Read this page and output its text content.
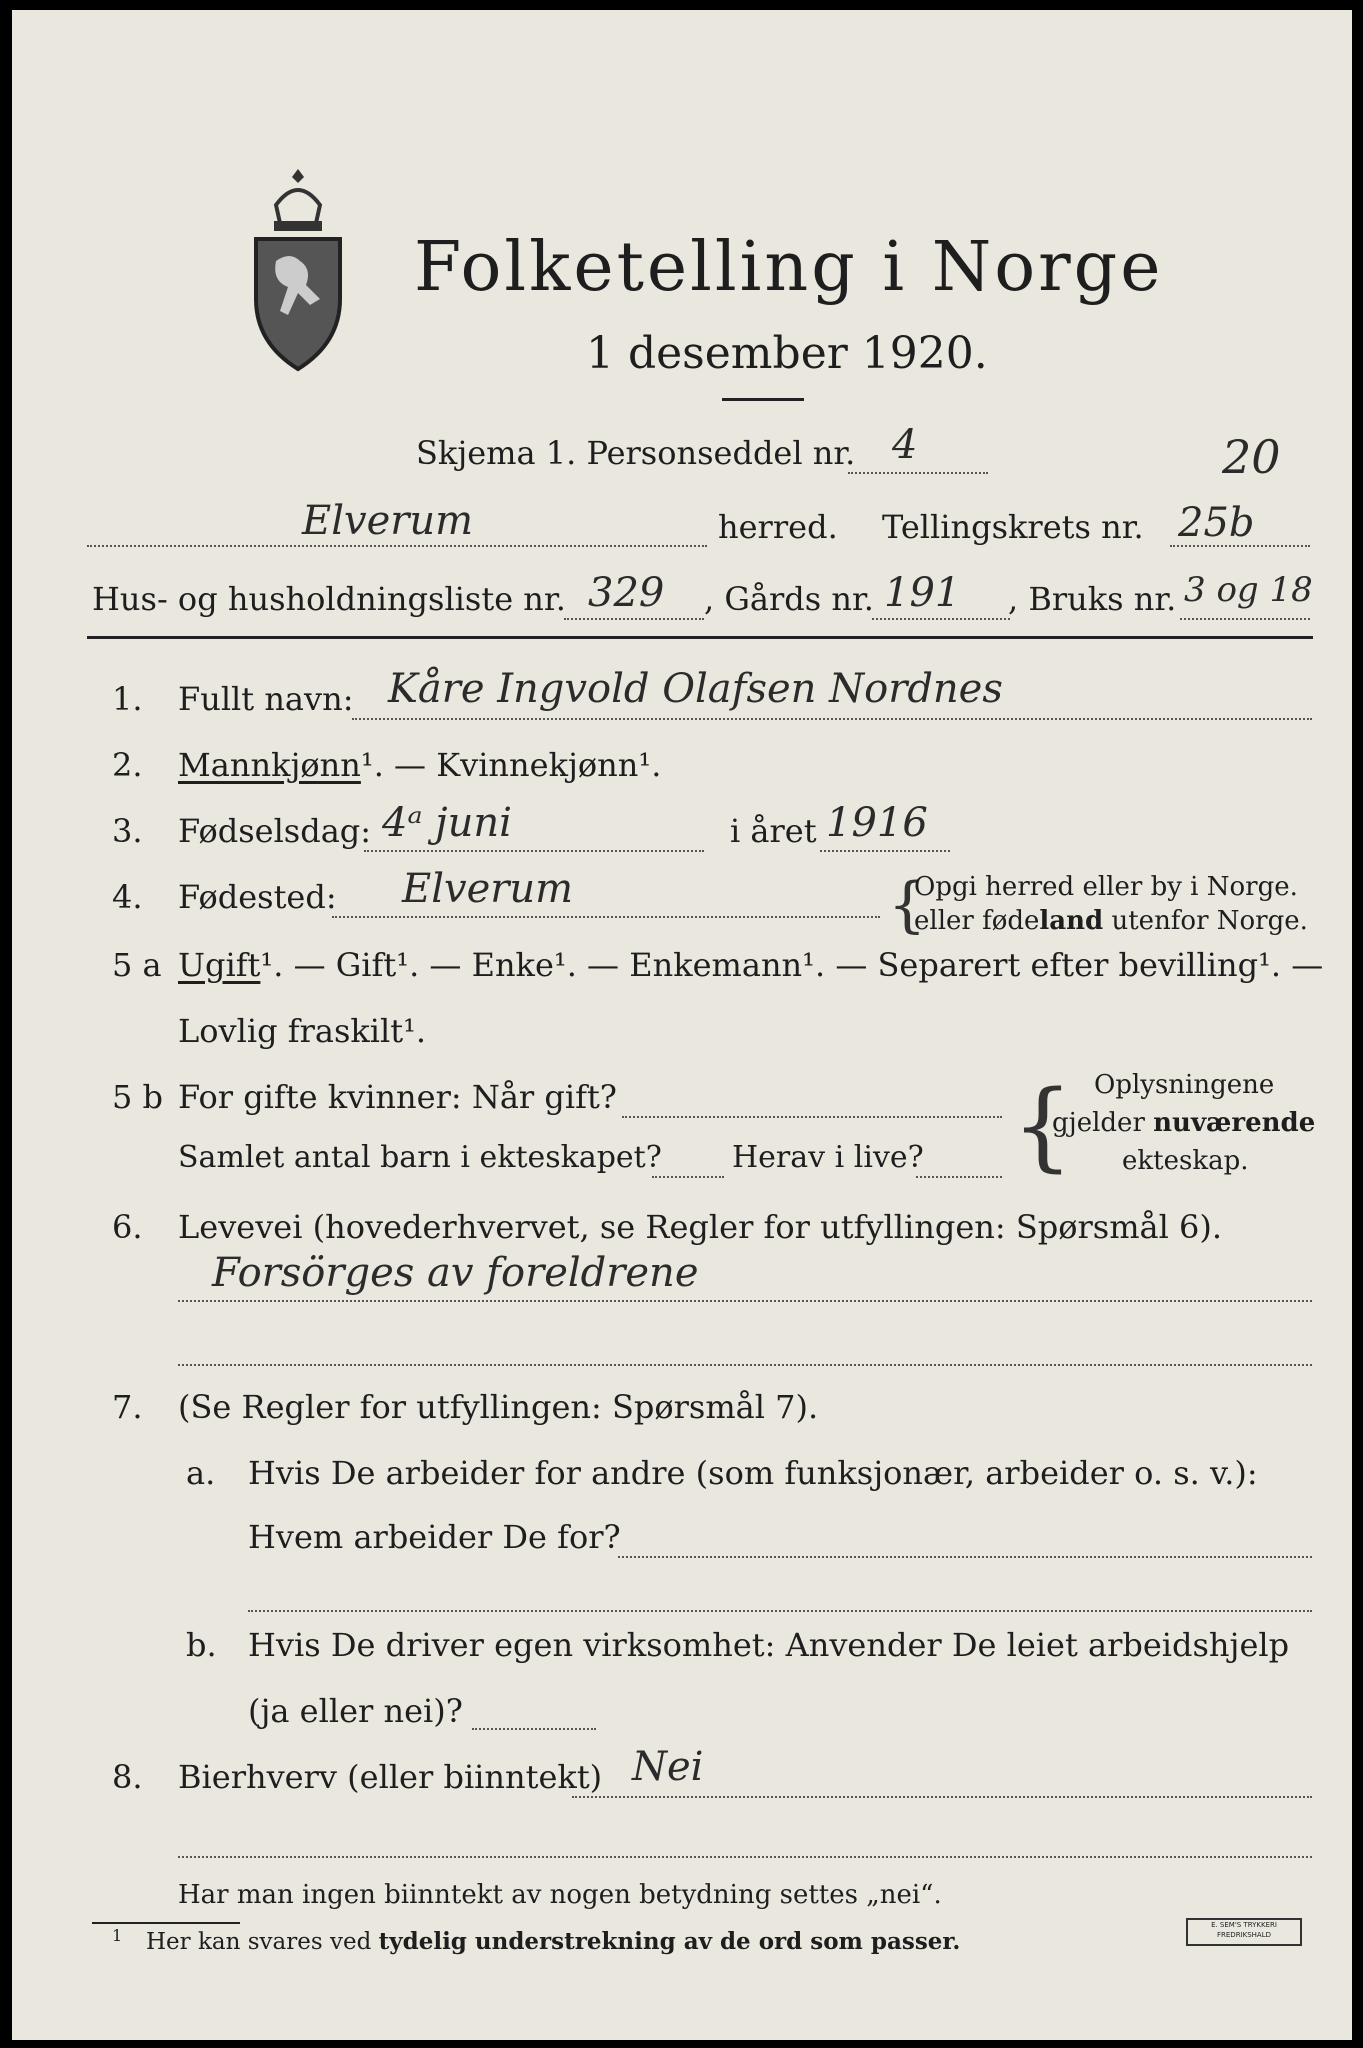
Folketelling i Norge
1 desember 1920.
Skjema 1. Personseddel nr. 4	20
Elverum	herred. Tellingskrets nr. 25b
Hus- og husholdningsliste nr. 329 , Gårds nr. 191 , Bruks nr. 3 og 18
1. Fullt navn: Kåre Ingvold Olafsen Nordnes
2. Mannkjønn¹. — Kvinnekjønn¹.
3. Fødselsdag: 4ᵃ juni	i året 1916
4. Fødested: Elverum	{
Opgi herred eller by i Norge.
eller fødeland utenfor Norge.
5 a Ugift¹. — Gift¹. — Enke¹. — Enkemann¹. — Separert efter bevilling¹. —
Lovlig fraskilt¹.
5 b For gifte kvinner: Når gift?
Samlet antal barn i ekteskapet? Herav i live? { Oplysningene
gjelder nuværende
ekteskap.
6. Levevei (hovederhvervet, se Regler for utfyllingen: Spørsmål 6).
Forsörges av foreldrene
7. (Se Regler for utfyllingen: Spørsmål 7).
a. Hvis De arbeider for andre (som funksjonær, arbeider o. s. v.):
Hvem arbeider De for?
b. Hvis De driver egen virksomhet: Anvender De leiet arbeidshjelp
(ja eller nei)?
8. Bierhverv (eller biinntekt) Nei
Har man ingen biinntekt av nogen betydning settes „nei“.
1 Her kan svares ved tydelig understrekning av de ord som passer.
E. SEM'S TRYKKERI FREDRIKSHALD
